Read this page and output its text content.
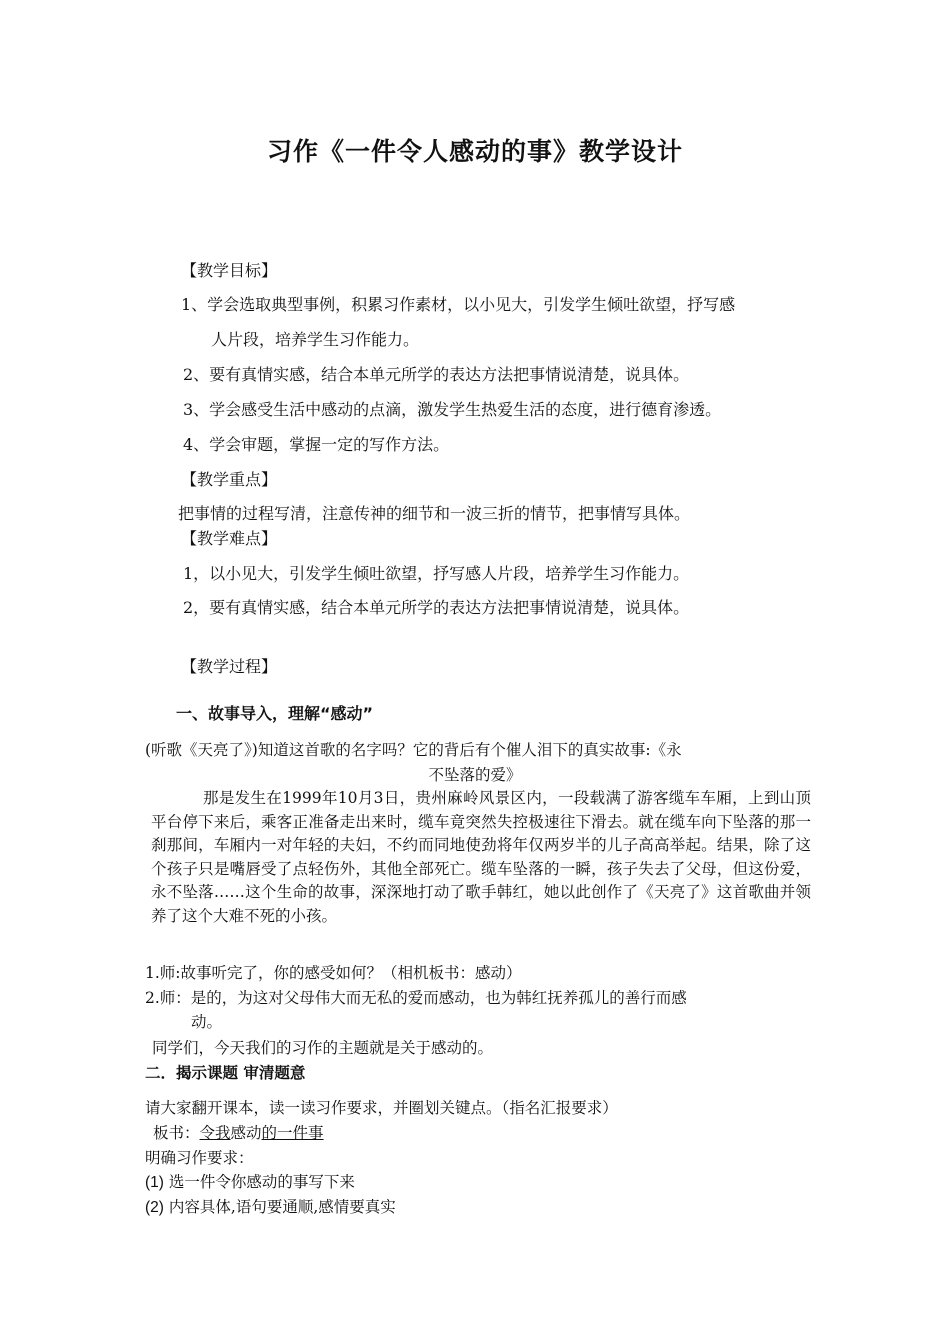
习作《一件令人感动的事》教学设计
【教学目标】
1、学会选取典型事例，积累习作素材，以小见大，引发学生倾吐欲望，抒写感
人片段，培养学生习作能力。
2、要有真情实感，结合本单元所学的表达方法把事情说清楚，说具体。
3、学会感受生活中感动的点滴，激发学生热爱生活的态度，进行德育渗透。
4、学会审题，掌握一定的写作方法。
【教学重点】
把事情的过程写清，注意传神的细节和一波三折的情节，把事情写具体。
【教学难点】
1，以小见大，引发学生倾吐欲望，抒写感人片段，培养学生习作能力。
2，要有真情实感，结合本单元所学的表达方法把事情说清楚，说具体。
【教学过程】
一、故事导入，理解“感动”
(听歌《天亮了》)知道这首歌的名字吗？它的背后有个催人泪下的真实故事:《永
不坠落的爱》
那是发生在1999年10月3日，贵州麻岭风景区内，一段载满了游客缆车车厢，上到山顶平台停下来后，乘客正准备走出来时，缆车竟突然失控极速往下滑去。就在缆车向下坠落的那一刹那间，车厢内一对年轻的夫妇，不约而同地使劲将年仅两岁半的儿子高高举起。结果，除了这个孩子只是嘴唇受了点轻伤外，其他全部死亡。缆车坠落的一瞬，孩子失去了父母，但这份爱，永不坠落……这个生命的故事，深深地打动了歌手韩红，她以此创作了《天亮了》这首歌曲并领养了这个大难不死的小孩。
1.师:故事听完了，你的感受如何？（相机板书：感动）
2.师：是的，为这对父母伟大而无私的爱而感动，也为韩红抚养孤儿的善行而感
动。
同学们，今天我们的习作的主题就是关于感动的。
二．揭示课题 审清题意
请大家翻开课本，读一读习作要求，并圈划关键点。（指名汇报要求）
板书：令我感动的一件事
明确习作要求：
(1) 选一件令你感动的事写下来
(2) 内容具体,语句要通顺,感情要真实
